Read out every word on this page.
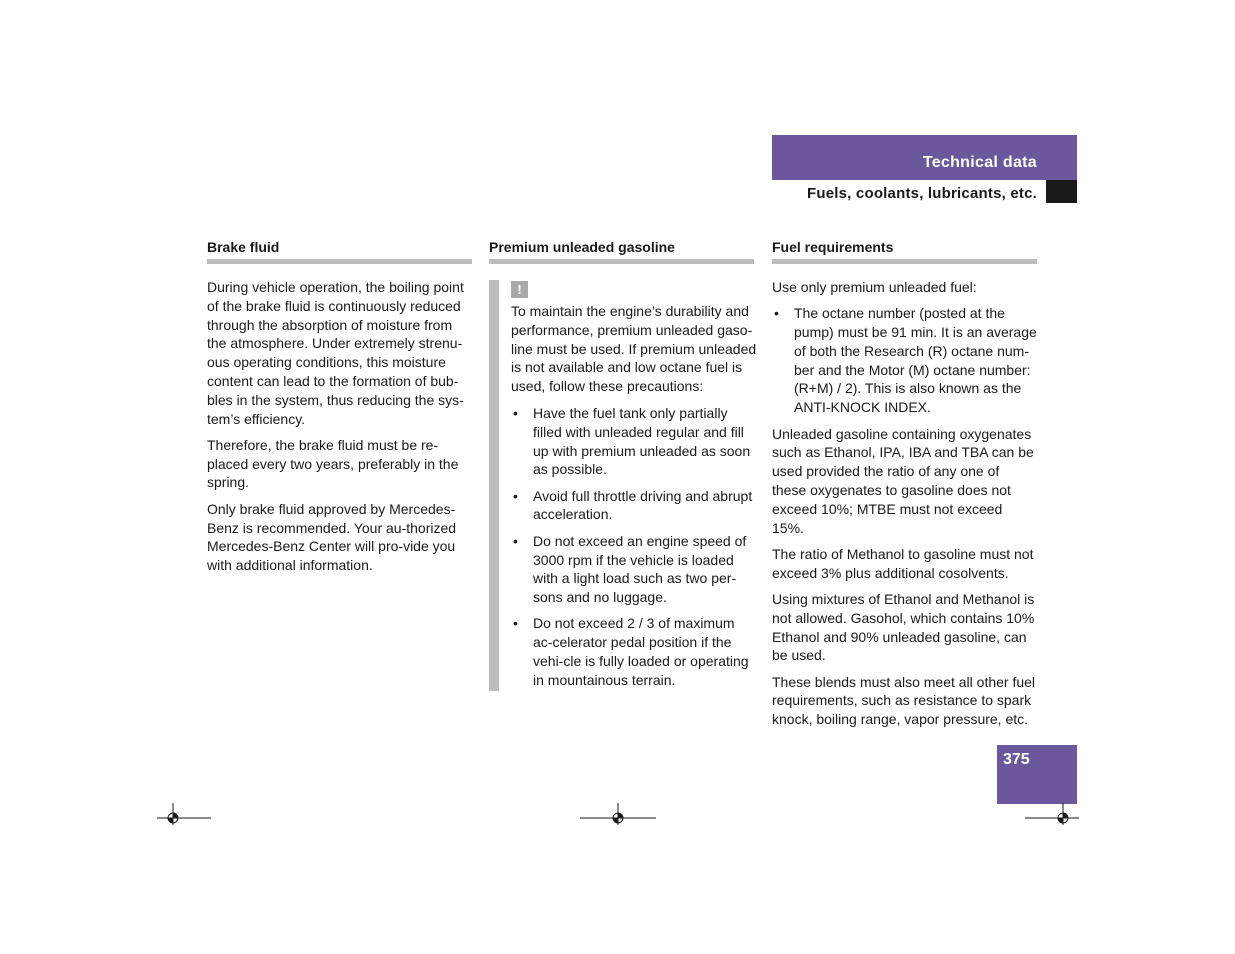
Technical data
Fuels, coolants, lubricants, etc.
Brake fluid

During vehicle operation, the boiling point of the brake fluid is continuously reduced through the absorption of moisture from the atmosphere. Under extremely strenu-ous operating conditions, this moisture content can lead to the formation of bub-bles in the system, thus reducing the sys-tem’s efficiency.

Therefore, the brake fluid must be re-placed every two years, preferably in the spring.

Only brake fluid approved by Mercedes-Benz is recommended. Your au-thorized Mercedes-Benz Center will pro-vide you with additional information.

Premium unleaded gasoline
!

To maintain the engine’s durability and performance, premium unleaded gaso-line must be used. If premium unleaded is not available and low octane fuel is used, follow these precautions:

• Have the fuel tank only partially filled with unleaded regular and fill up with premium unleaded as soon as possible.
• Avoid full throttle driving and abrupt acceleration.
• Do not exceed an engine speed of 3000 rpm if the vehicle is loaded with a light load such as two per-sons and no luggage.
• Do not exceed 2 / 3 of maximum ac-celerator pedal position if the vehi-cle is fully loaded or operating in mountainous terrain.
Fuel requirements

Use only premium unleaded fuel:

• The octane number (posted at the pump) must be 91 min. It is an average of both the Research (R) octane num-ber and the Motor (M) octane number: (R+M) / 2). This is also known as the ANTI-KNOCK INDEX.

Unleaded gasoline containing oxygenates such as Ethanol, IPA, IBA and TBA can be used provided the ratio of any one of these oxygenates to gasoline does not exceed 10%; MTBE must not exceed 15%.

The ratio of Methanol to gasoline must not exceed 3% plus additional cosolvents.

Using mixtures of Ethanol and Methanol is not allowed. Gasohol, which contains 10% Ethanol and 90% unleaded gasoline, can be used.

These blends must also meet all other fuel requirements, such as resistance to spark knock, boiling range, vapor pressure, etc.

375
